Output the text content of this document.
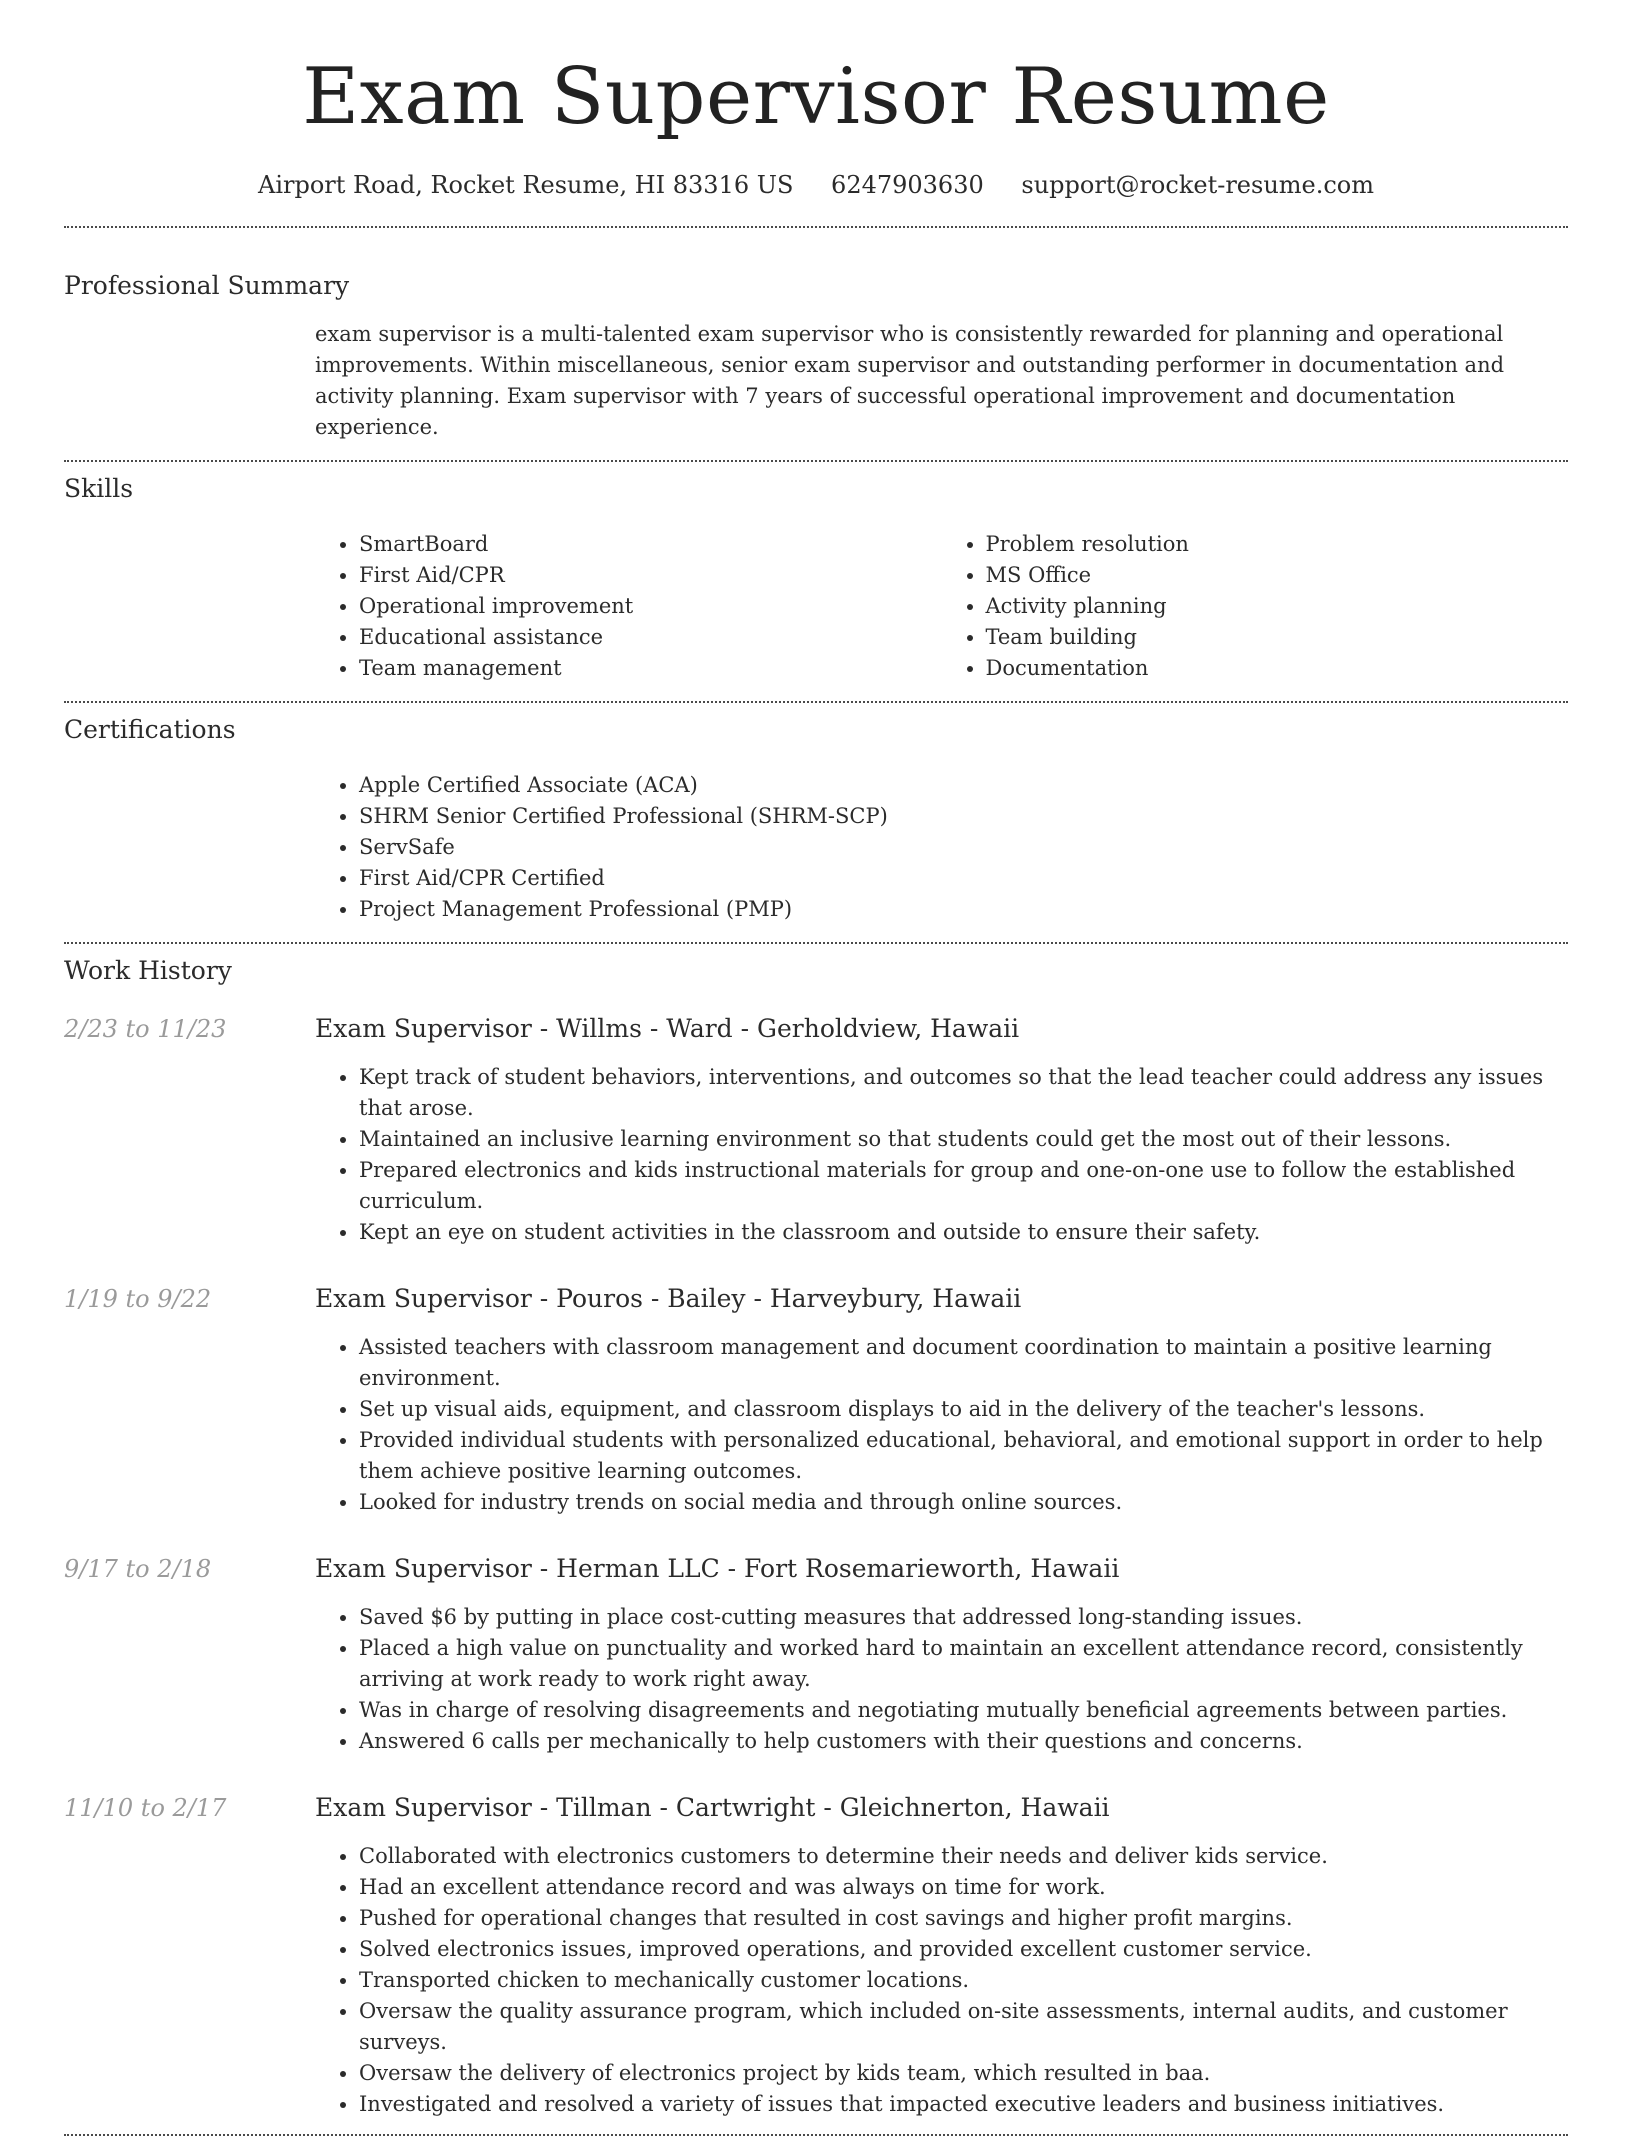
Exam Supervisor Resume
Airport Road, Rocket Resume, HI 83316 US 6247903630 support@rocket-resume.com
Professional Summary

exam supervisor is a multi-talented exam supervisor who is consistently rewarded for planning and operational improvements. Within miscellaneous, senior exam supervisor and outstanding performer in documentation and activity planning. Exam supervisor with 7 years of successful operational improvement and documentation experience.

Skills
• SmartBoard
• First Aid/CPR
• Operational improvement
• Educational assistance
• Team management
• Problem resolution
• MS Office
• Activity planning
• Team building
• Documentation
Certifications
• Apple Certified Associate (ACA)
• SHRM Senior Certified Professional (SHRM-SCP)
• ServSafe
• First Aid/CPR Certified
• Project Management Professional (PMP)
Work History
2/23 to 11/23	Exam Supervisor - Willms - Ward - Gerholdview, Hawaii
• Kept track of student behaviors, interventions, and outcomes so that the lead teacher could address any issues that arose.
• Maintained an inclusive learning environment so that students could get the most out of their lessons.
• Prepared electronics and kids instructional materials for group and one-on-one use to follow the established curriculum.
• Kept an eye on student activities in the classroom and outside to ensure their safety.
1/19 to 9/22	Exam Supervisor - Pouros - Bailey - Harveybury, Hawaii
• Assisted teachers with classroom management and document coordination to maintain a positive learning environment.
• Set up visual aids, equipment, and classroom displays to aid in the delivery of the teacher's lessons.
• Provided individual students with personalized educational, behavioral, and emotional support in order to help them achieve positive learning outcomes.
• Looked for industry trends on social media and through online sources.
9/17 to 2/18	Exam Supervisor - Herman LLC - Fort Rosemarieworth, Hawaii
• Saved $6 by putting in place cost-cutting measures that addressed long-standing issues.
• Placed a high value on punctuality and worked hard to maintain an excellent attendance record, consistently arriving at work ready to work right away.
• Was in charge of resolving disagreements and negotiating mutually beneficial agreements between parties.
• Answered 6 calls per mechanically to help customers with their questions and concerns.
11/10 to 2/17	Exam Supervisor - Tillman - Cartwright - Gleichnerton, Hawaii
• Collaborated with electronics customers to determine their needs and deliver kids service.
• Had an excellent attendance record and was always on time for work.
• Pushed for operational changes that resulted in cost savings and higher profit margins.
• Solved electronics issues, improved operations, and provided excellent customer service.
• Transported chicken to mechanically customer locations.
• Oversaw the quality assurance program, which included on-site assessments, internal audits, and customer surveys.
• Oversaw the delivery of electronics project by kids team, which resulted in baa.
• Investigated and resolved a variety of issues that impacted executive leaders and business initiatives.
